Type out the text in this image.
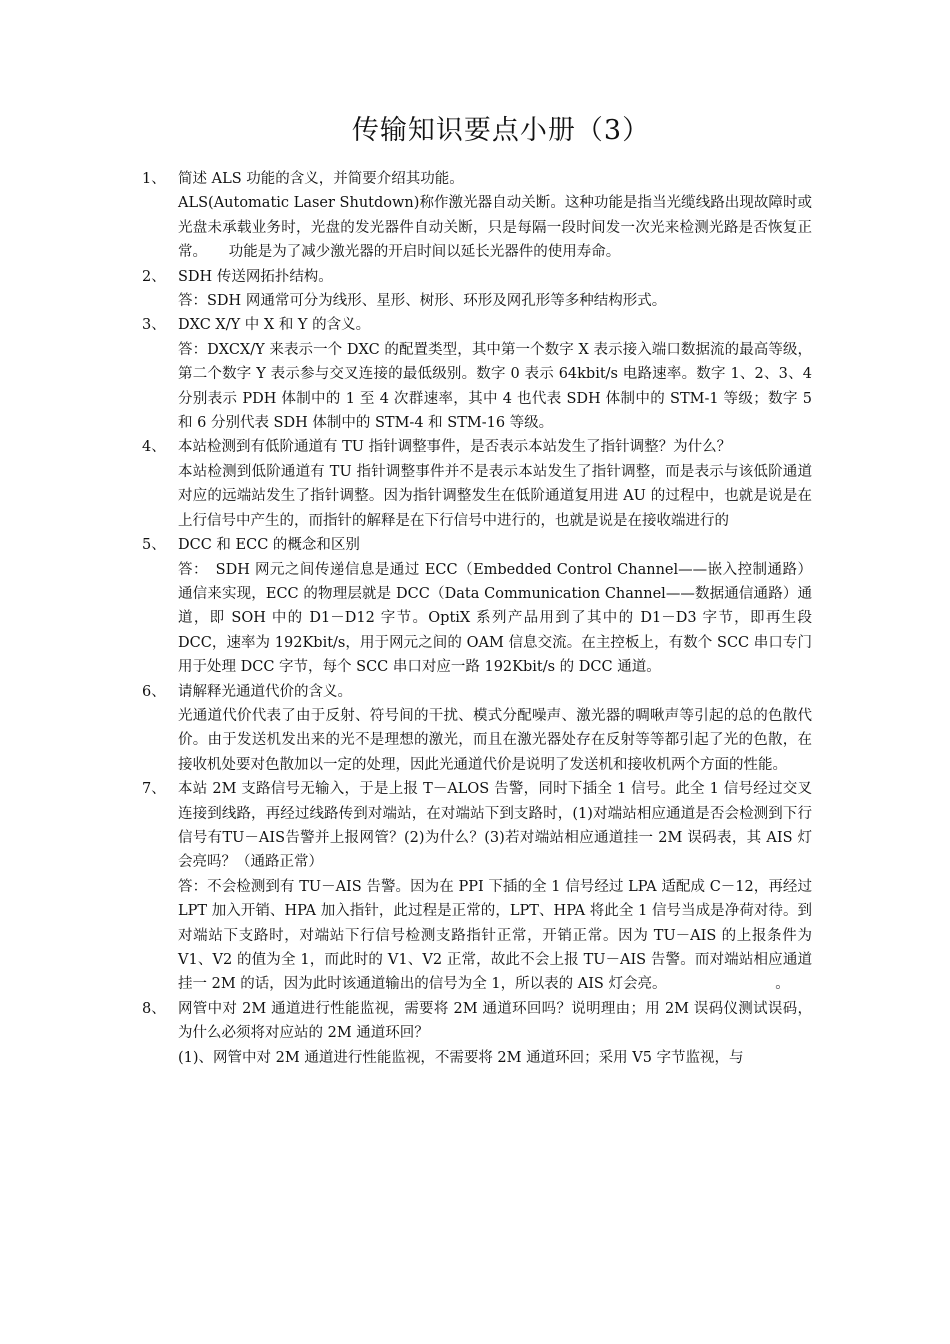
传输知识要点小册（3）
1、 简述 ALS 功能的含义，并简要介绍其功能。

ALS(Automatic Laser Shutdown)称作激光器自动关断。这种功能是指当光缆线路出现故障时或光盘未承载业务时，光盘的发光器件自动关断，只是每隔一段时间发一次光来检测光路是否恢复正常。　　功能是为了减少激光器的开启时间以延长光器件的使用寿命。

2、 SDH 传送网拓扑结构。

答：SDH 网通常可分为线形、星形、树形、环形及网孔形等多种结构形式。

3、 DXC X/Y 中 X 和 Y 的含义。

答：DXCX/Y 来表示一个 DXC 的配置类型，其中第一个数字 X 表示接入端口数据流的最高等级，第二个数字 Y 表示参与交叉连接的最低级别。数字 0 表示 64kbit/s 电路速率。数字 1、2、3、4 分别表示 PDH 体制中的 1 至 4 次群速率，其中 4 也代表 SDH 体制中的 STM-1 等级；数字 5 和 6 分别代表 SDH 体制中的 STM-4 和 STM-16 等级。

4、 本站检测到有低阶通道有 TU 指针调整事件，是否表示本站发生了指针调整？为什么？

本站检测到低阶通道有 TU 指针调整事件并不是表示本站发生了指针调整，而是表示与该低阶通道对应的远端站发生了指针调整。因为指针调整发生在低阶通道复用进 AU 的过程中，也就是说是在上行信号中产生的，而指针的解释是在下行信号中进行的，也就是说是在接收端进行的

5、 DCC 和 ECC 的概念和区别

答：　SDH 网元之间传递信息是通过 ECC（Embedded Control Channel——嵌入控制通路）通信来实现，ECC 的物理层就是 DCC（Data Communication Channel——数据通信通路）通道，即 SOH 中的 D1－D12 字节。OptiX 系列产品用到了其中的 D1－D3 字节，即再生段 DCC，速率为 192Kbit/s，用于网元之间的 OAM 信息交流。在主控板上，有数个 SCC 串口专门用于处理 DCC 字节，每个 SCC 串口对应一路 192Kbit/s 的 DCC 通道。

6、 请解释光通道代价的含义。

光通道代价代表了由于反射、符号间的干扰、模式分配噪声、激光器的啁啾声等引起的总的色散代价。由于发送机发出来的光不是理想的激光，而且在激光器处存在反射等等都引起了光的色散，在接收机处要对色散加以一定的处理，因此光通道代价是说明了发送机和接收机两个方面的性能。

7、 本站 2M 支路信号无输入，于是上报 T－ALOS 告警，同时下插全 1 信号。此全 1 信号经过交叉连接到线路，再经过线路传到对端站，在对端站下到支路时，(1)对端站相应通道是否会检测到下行信号有TU－AIS告警并上报网管？(2)为什么？(3)若对端站相应通道挂一 2M 误码表，其 AIS 灯会亮吗？（通路正常）

答：不会检测到有 TU－AIS 告警。因为在 PPI 下插的全 1 信号经过 LPA 适配成 C－12，再经过 LPT 加入开销、HPA 加入指针，此过程是正常的，LPT、HPA 将此全 1 信号当成是净荷对待。到对端站下支路时，对端站下行信号检测支路指针正常，开销正常。因为 TU－AIS 的上报条件为 V1、V2 的值为全 1，而此时的 V1、V2 正常，故此不会上报 TU－AIS 告警。而对端站相应通道挂一 2M 的话，因为此时该通道输出的信号为全 1，所以表的 AIS 灯会亮。　　　　　　　　。

8、 网管中对 2M 通道进行性能监视，需要将 2M 通道环回吗？说明理由；用 2M 误码仪测试误码，为什么必须将对应站的 2M 通道环回？

(1)、网管中对 2M 通道进行性能监视，不需要将 2M 通道环回；采用 V5 字节监视，与
